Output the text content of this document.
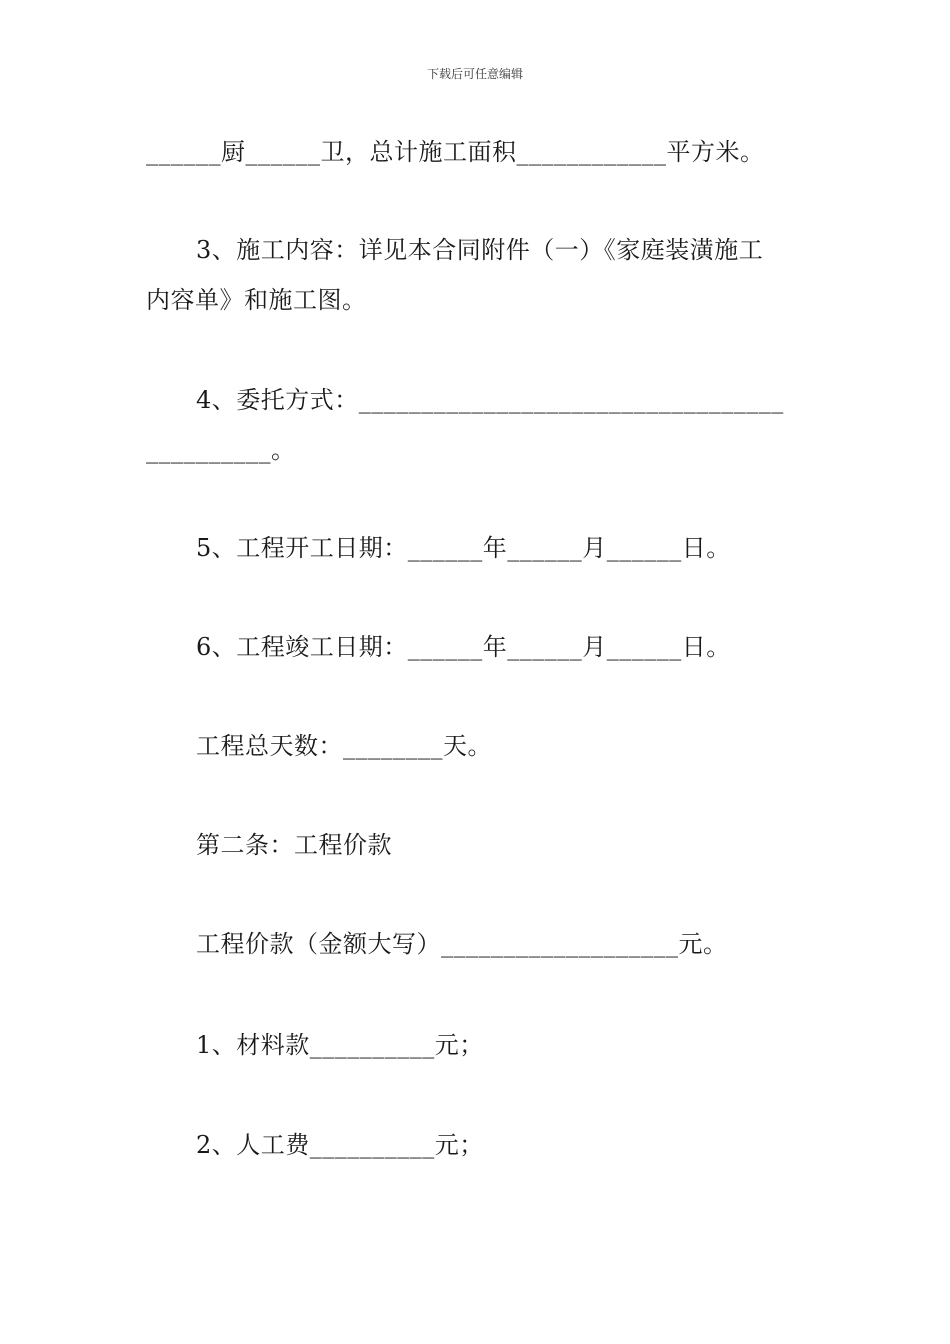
下载后可任意编辑
______厨______卫，总计施工面积____________平方米。
3、施工内容：详见本合同附件（一）《家庭装潢施工
内容单》和施工图。
4、委托方式：__________________________________
__________。
5、工程开工日期：______年______月______日。
6、工程竣工日期：______年______月______日。
工程总天数：________天。
第二条：工程价款
工程价款（金额大写）___________________元。
1、材料款__________元；
2、人工费__________元；
